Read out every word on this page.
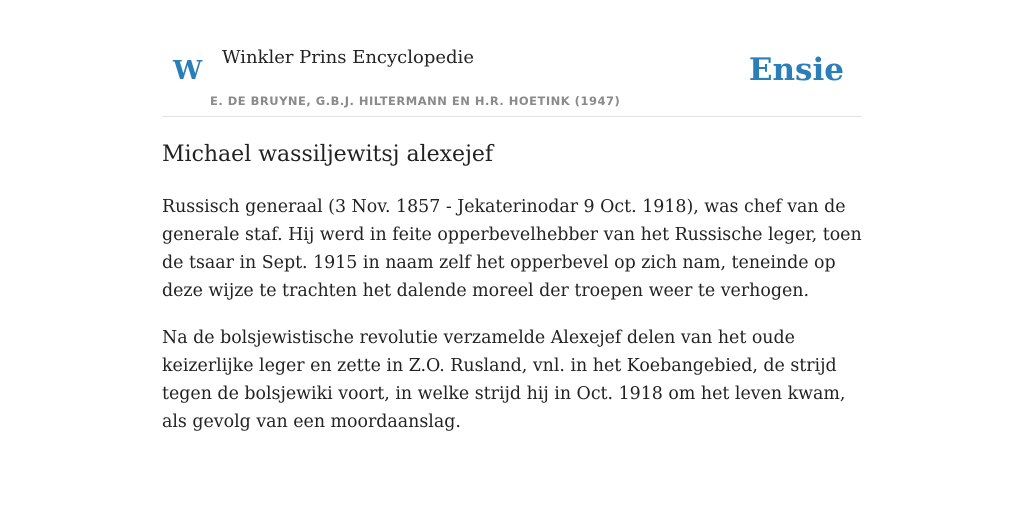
W Winkler Prins Encyclopedie
E. DE BRUYNE, G.B.J. HILTERMANN EN H.R. HOETINK (1947)
Ensie
Michael wassiljewitsj alexejef

Russisch generaal (3 Nov. 1857 - Jekaterinodar 9 Oct. 1918), was chef van de generale staf. Hij werd in feite opperbevelhebber van het Russische leger, toen de tsaar in Sept. 1915 in naam zelf het opperbevel op zich nam, teneinde op deze wijze te trachten het dalende moreel der troepen weer te verhogen.

Na de bolsjewistische revolutie verzamelde Alexejef delen van het oude keizerlijke leger en zette in Z.O. Rusland, vnl. in het Koebangebied, de strijd tegen de bolsjewiki voort, in welke strijd hij in Oct. 1918 om het leven kwam, als gevolg van een moordaanslag.
